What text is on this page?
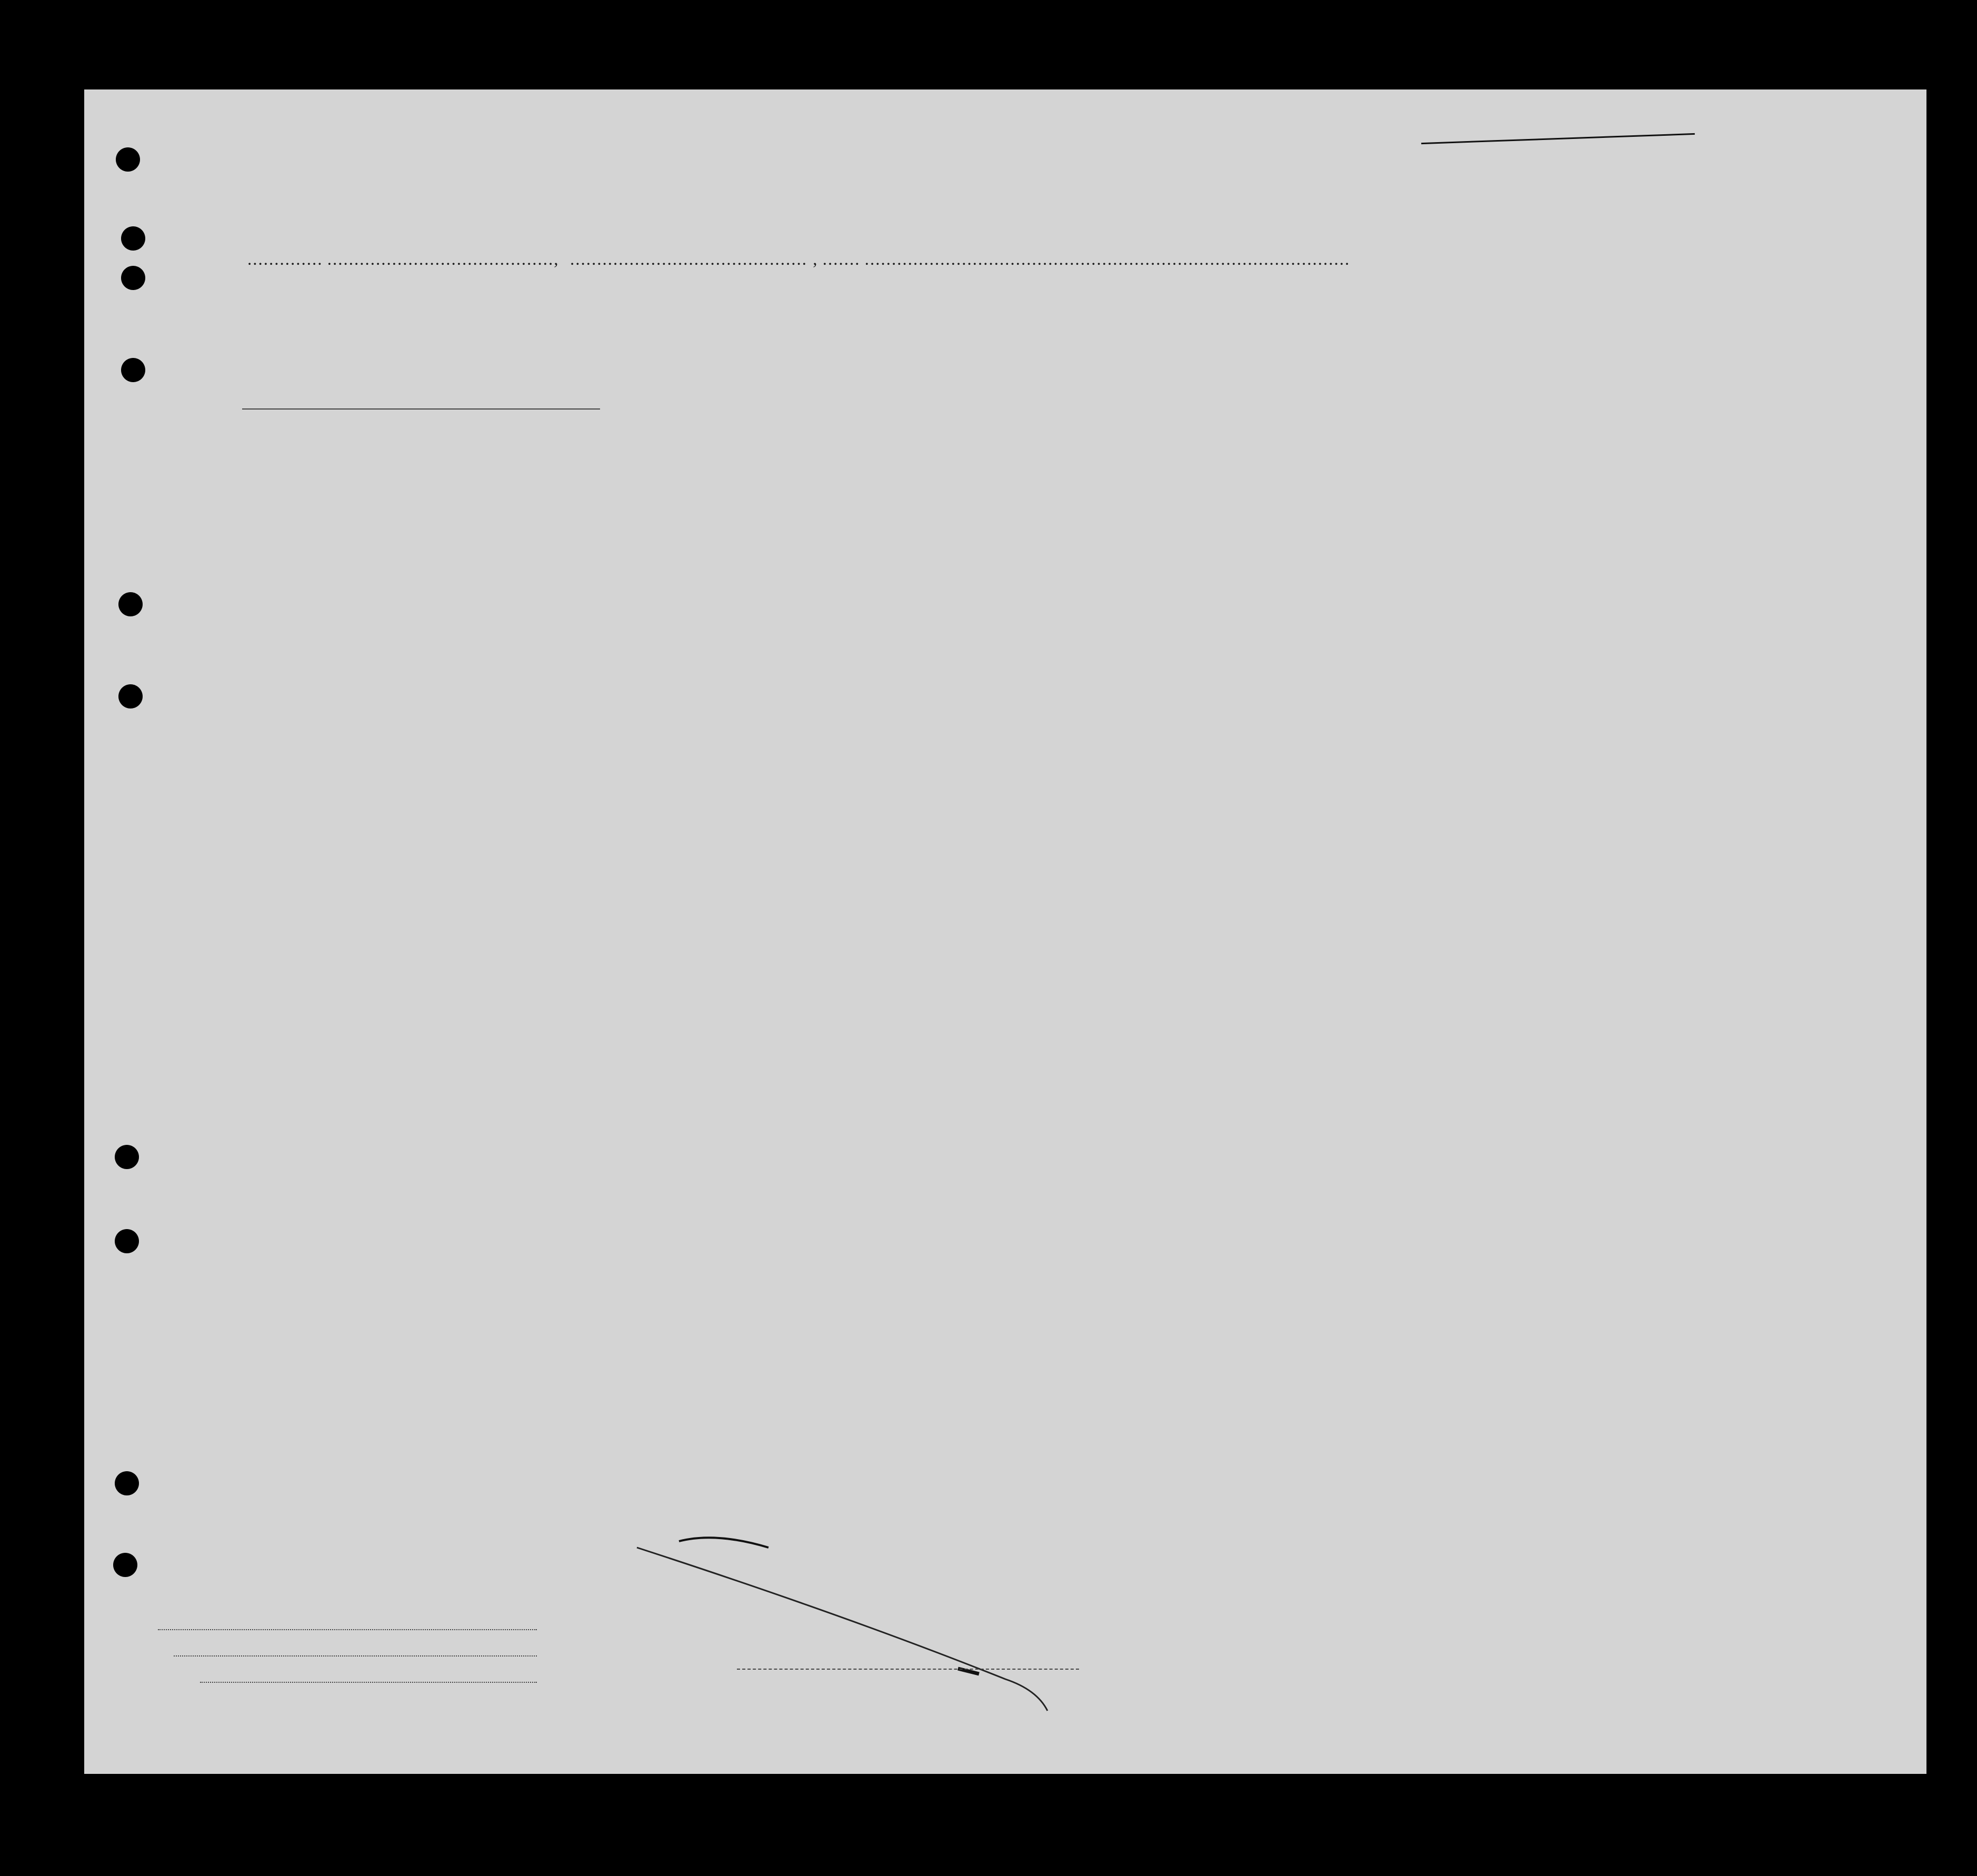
.............. ..........................................,  ............................................ , ....... ..........................................................................................
